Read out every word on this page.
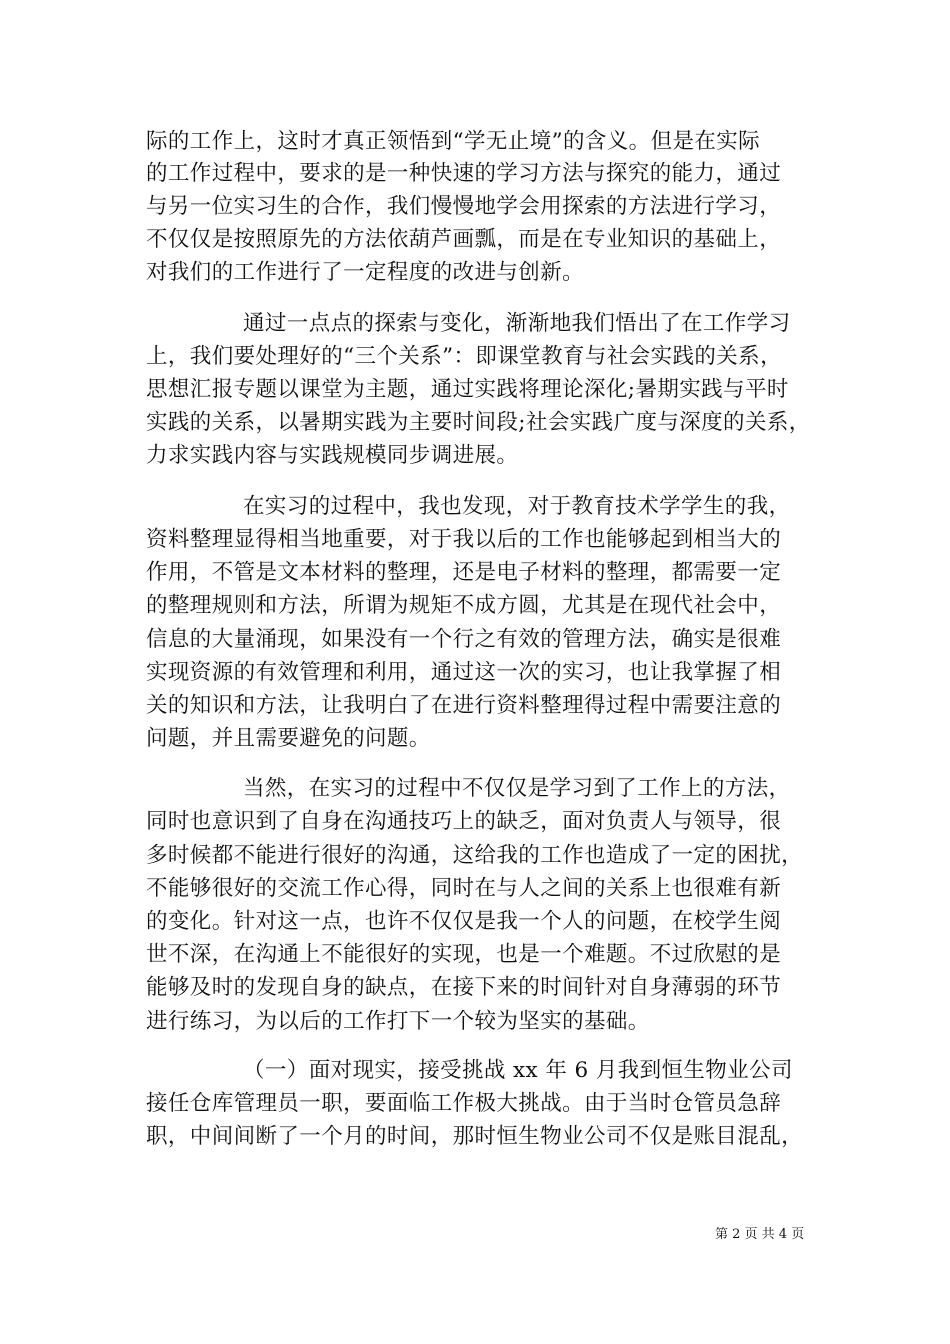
际的工作上，这时才真正领悟到“学无止境”的含义。但是在实际
的工作过程中，要求的是一种快速的学习方法与探究的能力，通过
与另一位实习生的合作，我们慢慢地学会用探索的方法进行学习，
不仅仅是按照原先的方法依葫芦画瓢，而是在专业知识的基础上，
对我们的工作进行了一定程度的改进与创新。
通过一点点的探索与变化，渐渐地我们悟出了在工作学习
上，我们要处理好的“三个关系”：即课堂教育与社会实践的关系，
思想汇报专题以课堂为主题，通过实践将理论深化;暑期实践与平时
实践的关系，以暑期实践为主要时间段;社会实践广度与深度的关系，
力求实践内容与实践规模同步调进展。
在实习的过程中，我也发现，对于教育技术学学生的我，
资料整理显得相当地重要，对于我以后的工作也能够起到相当大的
作用，不管是文本材料的整理，还是电子材料的整理，都需要一定
的整理规则和方法，所谓为规矩不成方圆，尤其是在现代社会中，
信息的大量涌现，如果没有一个行之有效的管理方法，确实是很难
实现资源的有效管理和利用，通过这一次的实习，也让我掌握了相
关的知识和方法，让我明白了在进行资料整理得过程中需要注意的
问题，并且需要避免的问题。
当然，在实习的过程中不仅仅是学习到了工作上的方法，
同时也意识到了自身在沟通技巧上的缺乏，面对负责人与领导，很
多时候都不能进行很好的沟通，这给我的工作也造成了一定的困扰，
不能够很好的交流工作心得，同时在与人之间的关系上也很难有新
的变化。针对这一点，也许不仅仅是我一个人的问题，在校学生阅
世不深，在沟通上不能很好的实现，也是一个难题。不过欣慰的是
能够及时的发现自身的缺点，在接下来的时间针对自身薄弱的环节
进行练习，为以后的工作打下一个较为坚实的基础。
（一）面对现实，接受挑战 xx 年 6 月我到恒生物业公司
接任仓库管理员一职，要面临工作极大挑战。由于当时仓管员急辞
职，中间间断了一个月的时间，那时恒生物业公司不仅是账目混乱，
第 2 页 共 4 页
